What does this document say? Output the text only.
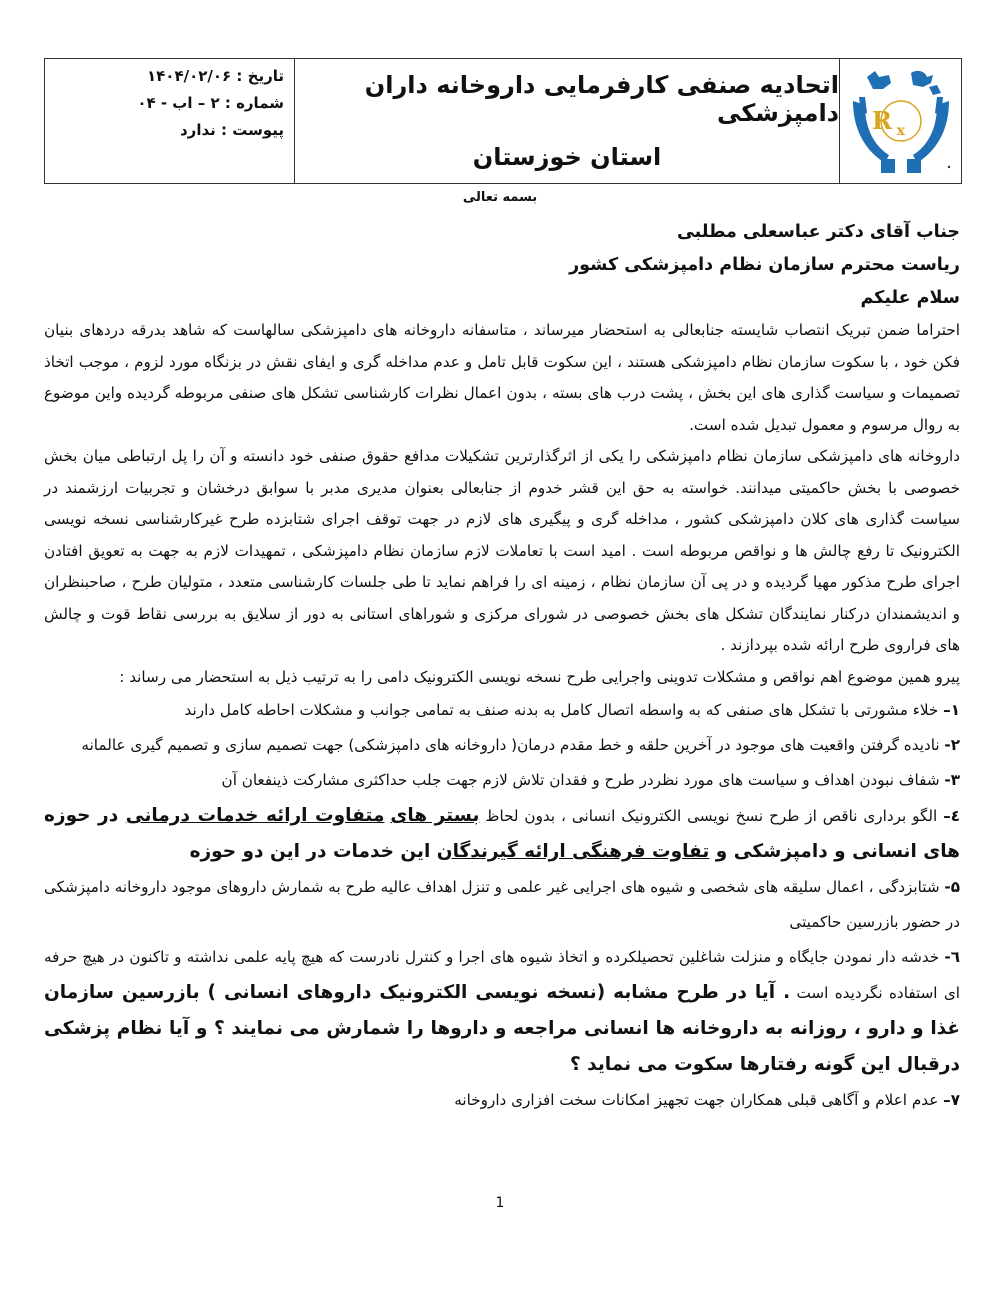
R x
اتحادیه صنفی کارفرمایی داروخانه داران دامپزشکی
استان خوزستان
تاریخ : ۱۴۰۴/۰۲/۰۶
شماره : ۲ – اب - ۰۴
پیوست : ندارد
بسمه تعالی

جناب آقای دکتر عباسعلی مطلبی

ریاست محترم سازمان نظام دامپزشکی کشور

سلام علیکم

احتراما ضمن تبریک انتصاب شایسته جنابعالی به استحضار میرساند ، متاسفانه داروخانه های دامپزشکی سالهاست که شاهد بدرقه دردهای بنیان فکن خود ، با سکوت سازمان نظام دامپزشکی هستند ، این سکوت قابل تامل و عدم مداخله گری و ایفای نقش در بزنگاه مورد لزوم ، موجب اتخاذ تصمیمات و سیاست گذاری های این بخش ، پشت درب های بسته ، بدون اعمال نظرات کارشناسی تشکل های صنفی مربوطه گردیده واین موضوع به روال مرسوم و معمول تبدیل شده است.

داروخانه های دامپزشکی سازمان نظام دامپزشکی را یکی از اثرگذارترین تشکیلات مدافع حقوق صنفی خود دانسته و آن را پل ارتباطی میان بخش خصوصی با بخش حاکمیتی میدانند. خواسته به حق این قشر خدوم از جنابعالی بعنوان مدیری مدبر با سوابق درخشان و تجربیات ارزشمند در سیاست گذاری های کلان دامپزشکی کشور ، مداخله گری و پیگیری های لازم در جهت توقف اجرای شتابزده طرح غیرکارشناسی نسخه نویسی الکترونیک تا رفع چالش ها و نواقص مربوطه است . امید است با تعاملات لازم سازمان نظام دامپزشکی ، تمهیدات لازم به جهت به تعویق افتادن اجرای طرح مذکور مهیا گردیده و در پی آن سازمان نظام ، زمینه ای را فراهم نماید تا طی جلسات کارشناسی متعدد ، متولیان طرح ، صاحبنظران و اندیشمندان درکنار نمایندگان تشکل های بخش خصوصی در شورای مرکزی و شوراهای استانی به دور از سلایق به بررسی نقاط قوت و چالش های فراروی طرح ارائه شده بپردازند .

پیرو همین موضوع اهم نواقص و مشکلات تدوینی واجرایی طرح نسخه نویسی الکترونیک دامی را به ترتیب ذیل به استحضار می رساند :

۱– خلاء مشورتی با تشکل های صنفی که به واسطه اتصال کامل به بدنه صنف به تمامی جوانب و مشکلات احاطه کامل دارند

۲- نادیده گرفتن واقعیت های موجود در آخرین حلقه و خط مقدم درمان( داروخانه های دامپزشکی) جهت تصمیم سازی و تصمیم گیری عالمانه

۳- شفاف نبودن اهداف و سیاست های مورد نظردر طرح و فقدان تلاش لازم جهت جلب حداکثری مشارکت ذینفعان آن

٤– الگو برداری ناقص از طرح نسخ نویسی الکترونیک انسانی ، بدون لحاظ بستر های متفاوت ارائه خدمات درمانی در حوزه های انسانی و دامپزشکی و تفاوت فرهنگی ارائه گیرندگان این خدمات در این دو حوزه

۵- شتابزدگی ، اعمال سلیقه های شخصی و شیوه های اجرایی غیر علمی و تنزل اهداف عالیه طرح به شمارش داروهای موجود داروخانه دامپزشکی در حضور بازرسین حاکمیتی

٦- خدشه دار نمودن جایگاه و منزلت شاغلین تحصیلکرده و اتخاذ شیوه های اجرا و کنترل نادرست که هیچ پایه علمی نداشته و تاکنون در هیچ حرفه ای استفاده نگردیده است . آیا در طرح مشابه (نسخه نویسی الکترونیک داروهای انسانی ) بازرسین سازمان غذا و دارو ، روزانه به داروخانه ها انسانی مراجعه و داروها را شمارش می نمایند ؟ و آیا نظام پزشکی درقبال این گونه رفتارها سکوت می نماید ؟

۷– عدم اعلام و آگاهی قبلی همکاران جهت تجهیز امکانات سخت افزاری داروخانه

1
